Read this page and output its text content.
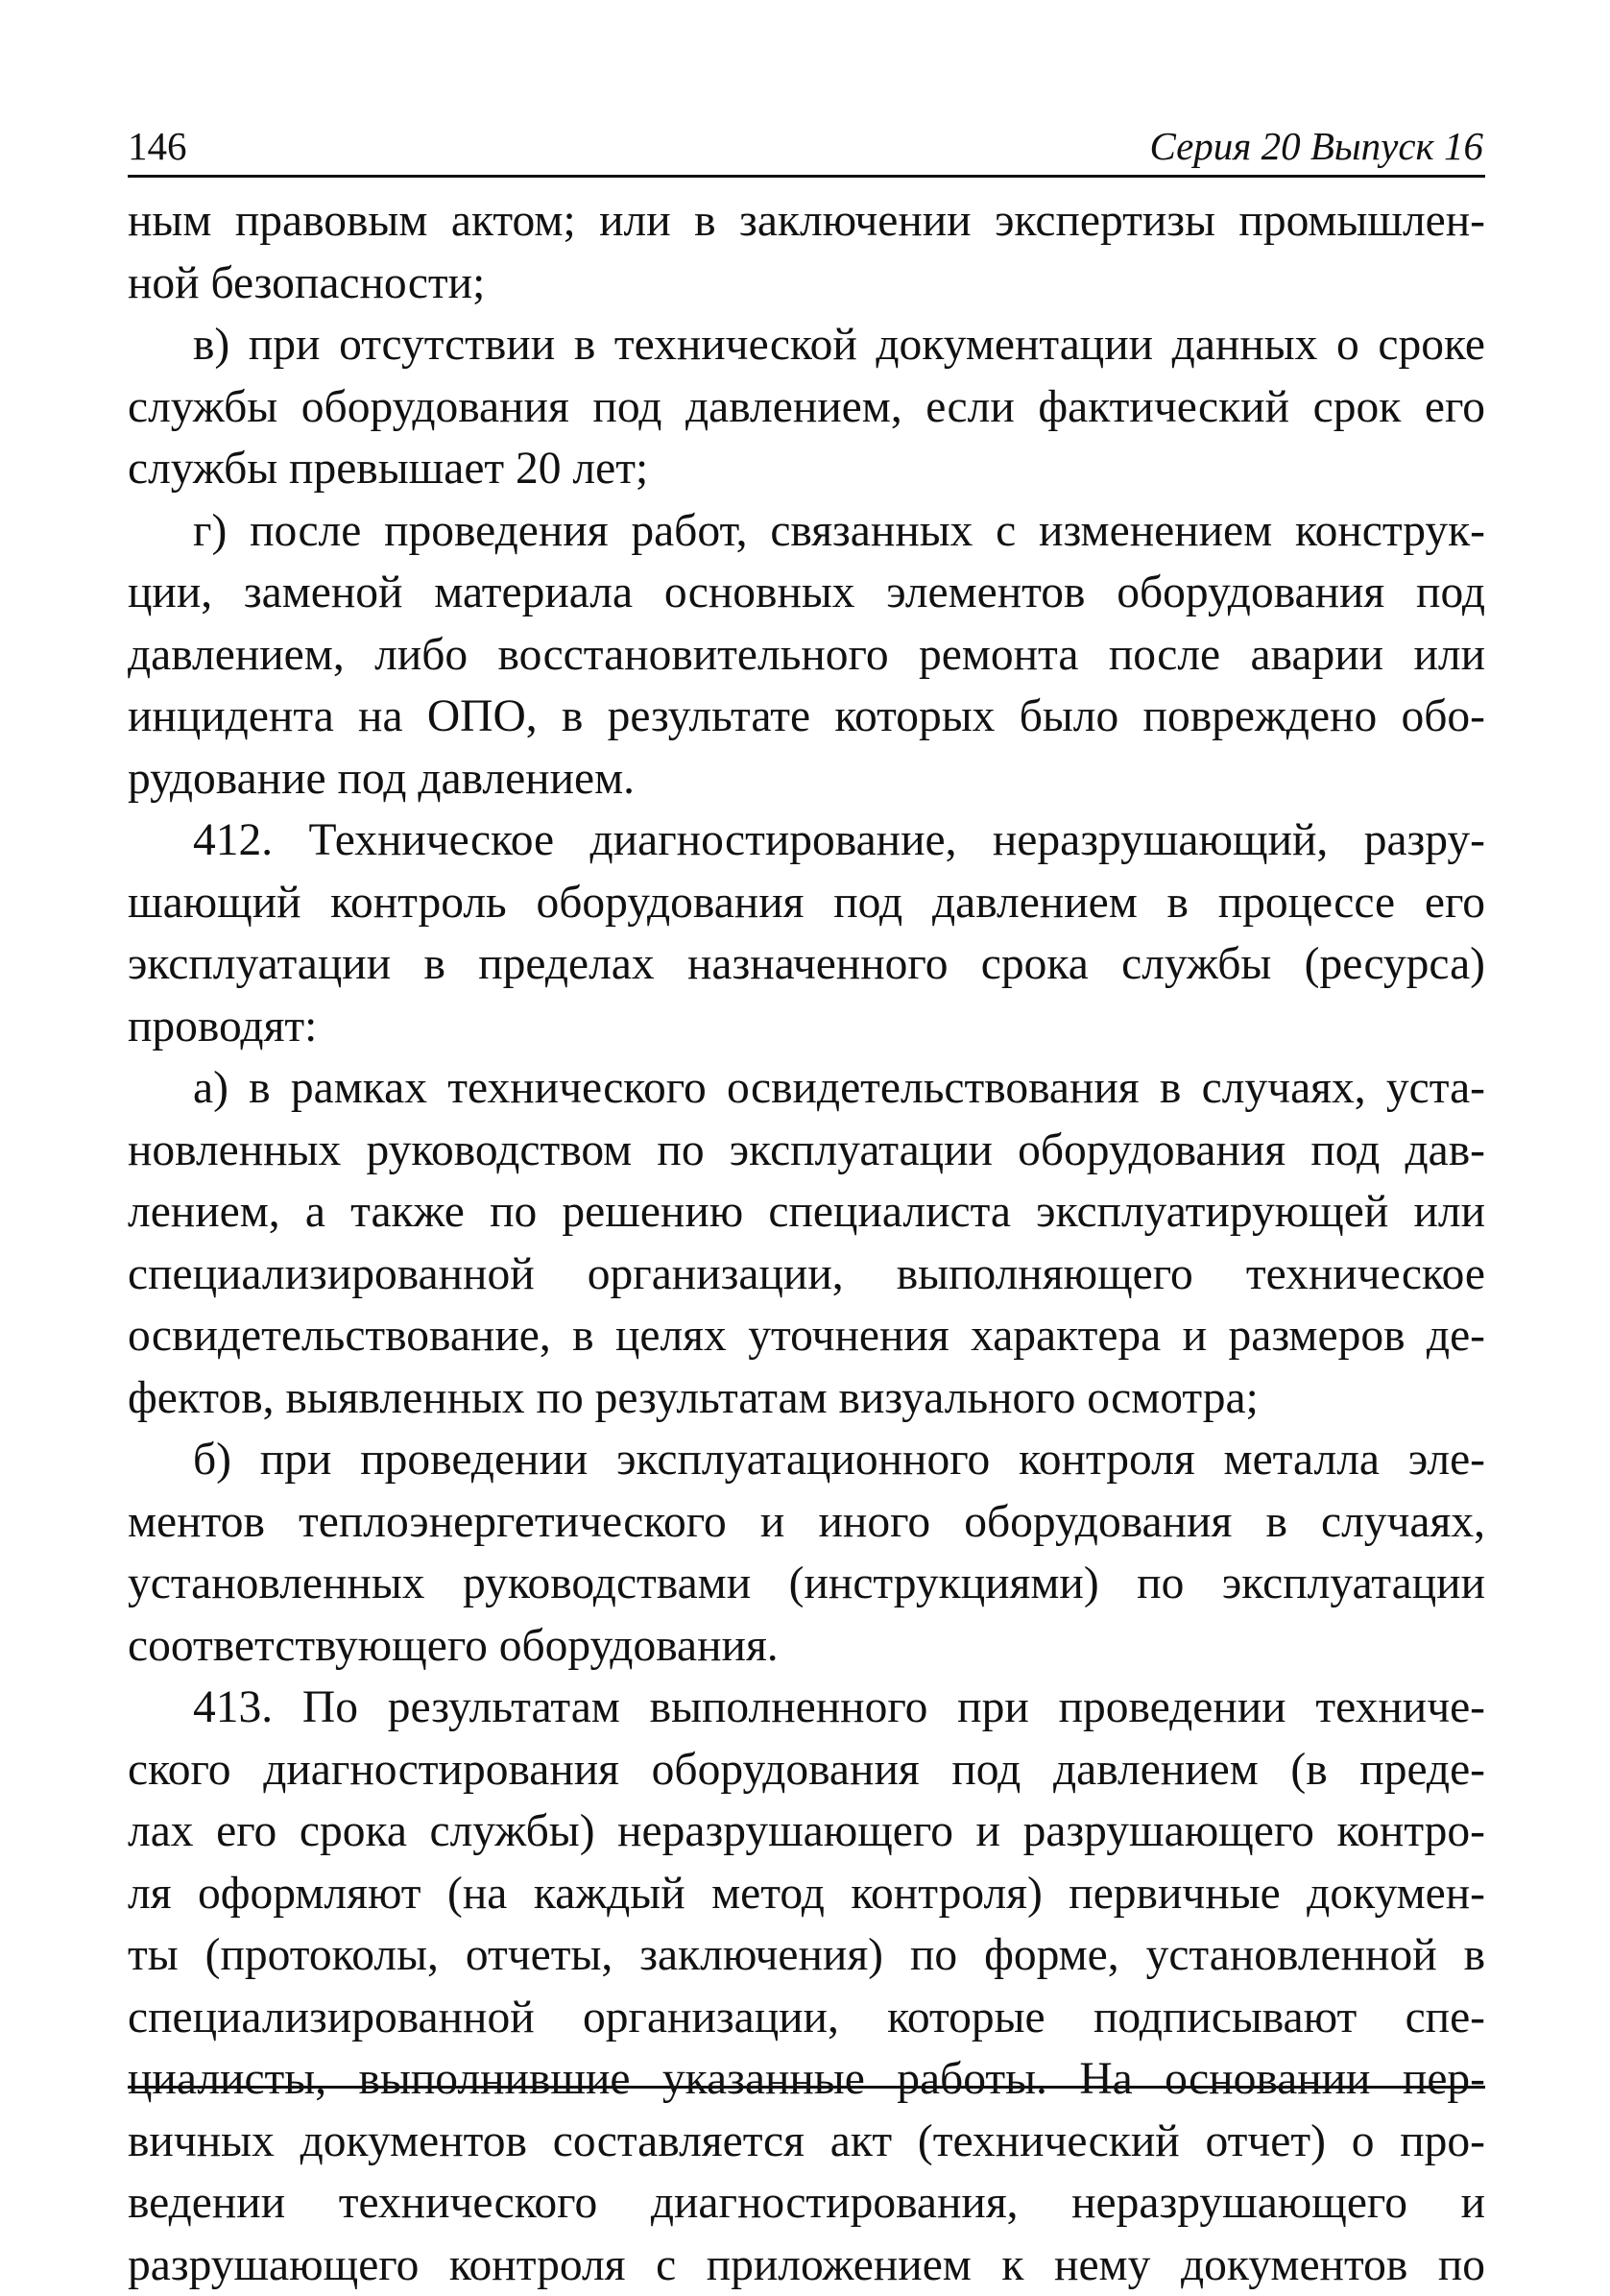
146	Серия 20 Выпуск 16
ным правовым актом; или в заключении экспертизы промышлен-
ной безопасности;
в) при отсутствии в технической документации данных о сроке
службы оборудования под давлением, если фактический срок его
службы превышает 20 лет;
г) после проведения работ, связанных с изменением конструк-
ции, заменой материала основных элементов оборудования под
давлением, либо восстановительного ремонта после аварии или
инцидента на ОПО, в результате которых было повреждено обо-
рудование под давлением.
412. Техническое диагностирование, неразрушающий, разру-
шающий контроль оборудования под давлением в процессе его
эксплуатации в пределах назначенного срока службы (ресурса)
проводят:
а) в рамках технического освидетельствования в случаях, уста-
новленных руководством по эксплуатации оборудования под дав-
лением, а также по решению специалиста эксплуатирующей или
специализированной организации, выполняющего техническое
освидетельствование, в целях уточнения характера и размеров де-
фектов, выявленных по результатам визуального осмотра;
б) при проведении эксплуатационного контроля металла эле-
ментов теплоэнергетического и иного оборудования в случаях,
установленных руководствами (инструкциями) по эксплуатации
соответствующего оборудования.
413. По результатам выполненного при проведении техниче-
ского диагностирования оборудования под давлением (в преде-
лах его срока службы) неразрушающего и разрушающего контро-
ля оформляют (на каждый метод контроля) первичные докумен-
ты (протоколы, отчеты, заключения) по форме, установленной в
специализированной организации, которые подписывают спе-
циалисты, выполнившие указанные работы. На основании пер-
вичных документов составляется акт (технический отчет) о про-
ведении технического диагностирования, неразрушающего и
разрушающего контроля с приложением к нему документов по
